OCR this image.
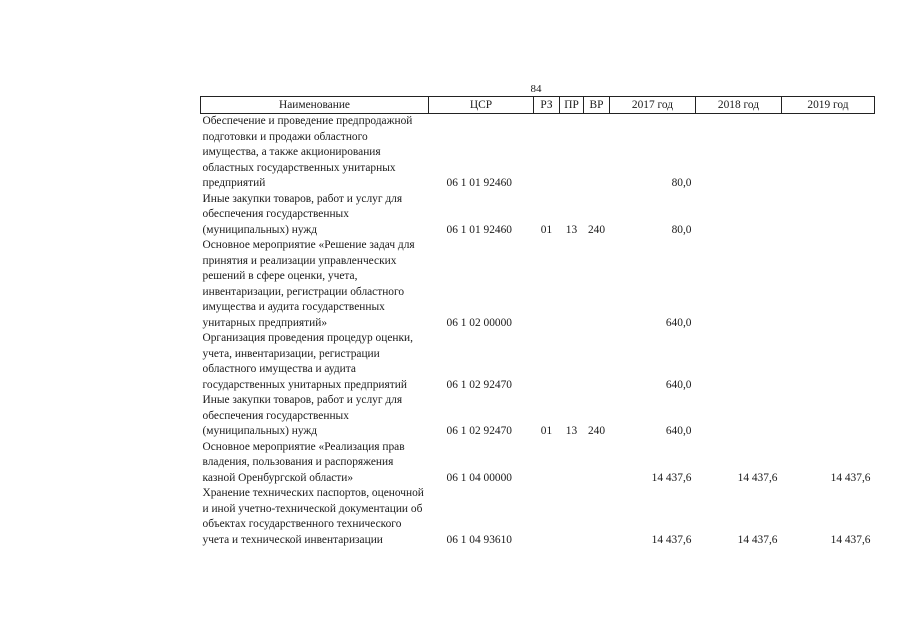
84
Наименование	ЦСР	РЗ	ПР	ВР	2017 год	2018 год	2019 год
Обеспечение и проведение предпродажной подготовки и продажи областного имущества, а также акционирования областных государственных унитарных предприятий	06 1 01 92460				80,0		
Иные закупки товаров, работ и услуг для обеспечения государственных (муниципальных) нужд	06 1 01 92460	01	13	240	80,0		
Основное мероприятие «Решение задач для принятия и реализации управленческих решений в сфере оценки, учета, инвентаризации, регистрации областного имущества и аудита государственных унитарных предприятий»	06 1 02 00000				640,0		
Организация проведения процедур оценки, учета, инвентаризации, регистрации областного имущества и аудита государственных унитарных предприятий	06 1 02 92470				640,0		
Иные закупки товаров, работ и услуг для обеспечения государственных (муниципальных) нужд	06 1 02 92470	01	13	240	640,0		
Основное мероприятие «Реализация прав владения, пользования и распоряжения казной Оренбургской области»	06 1 04 00000				14 437,6	14 437,6	14 437,6
Хранение технических паспортов, оценочной и иной учетно-технической документации об объектах государственного технического учета и технической инвентаризации	06 1 04 93610				14 437,6	14 437,6	14 437,6
